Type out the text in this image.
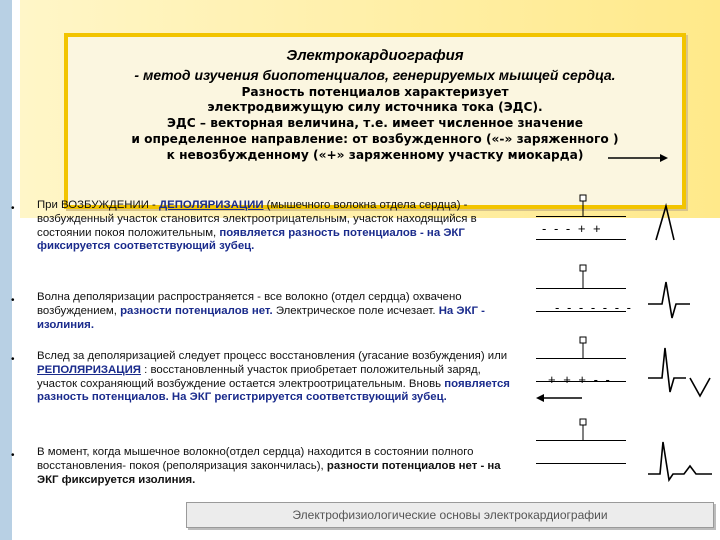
Электрокардиография
- метод изучения биопотенциалов, генерируемых мышцей сердца.
Разность потенциалов характеризует
электродвижущую силу источника тока (ЭДС).
ЭДС – векторная величина, т.е. имеет численное значение
и определенное направление: от возбужденного («-» заряженного )
к невозбужденному («+» заряженному участку миокарда)
• При ВОЗБУЖДЕНИИ - ДЕПОЛЯРИЗАЦИИ (мышечного волокна отдела сердца) - возбужденный участок становится электроотрицательным, участок находящийся в состоянии покоя положительным, появляется разность потенциалов - на ЭКГ фиксируется соответствующий зубец.
• Волна деполяризации распространяется - все волокно (отдел сердца) охвачено возбуждением, разности потенциалов нет. Электрическое поле исчезает. На ЭКГ - изолиния.
• Вслед за деполяризацией следует процесс восстановления (угасание возбуждения) или РЕПОЛЯРИЗАЦИЯ : восстановленный участок приобретает положительный заряд, участок сохраняющий возбуждение остается электроотрицательным. Вновь появляется разность потенциалов. На ЭКГ регистрируется соответствующий зубец.
• В момент, когда мышечное волокно(отдел сердца) находится в состоянии полного восстановления- покоя (реполяризация закончилась), разности потенциалов нет - на ЭКГ фиксируется изолиния.
- - - + +
- - - - - - -
+ + + - -
Электрофизиологические основы электрокардиографии
